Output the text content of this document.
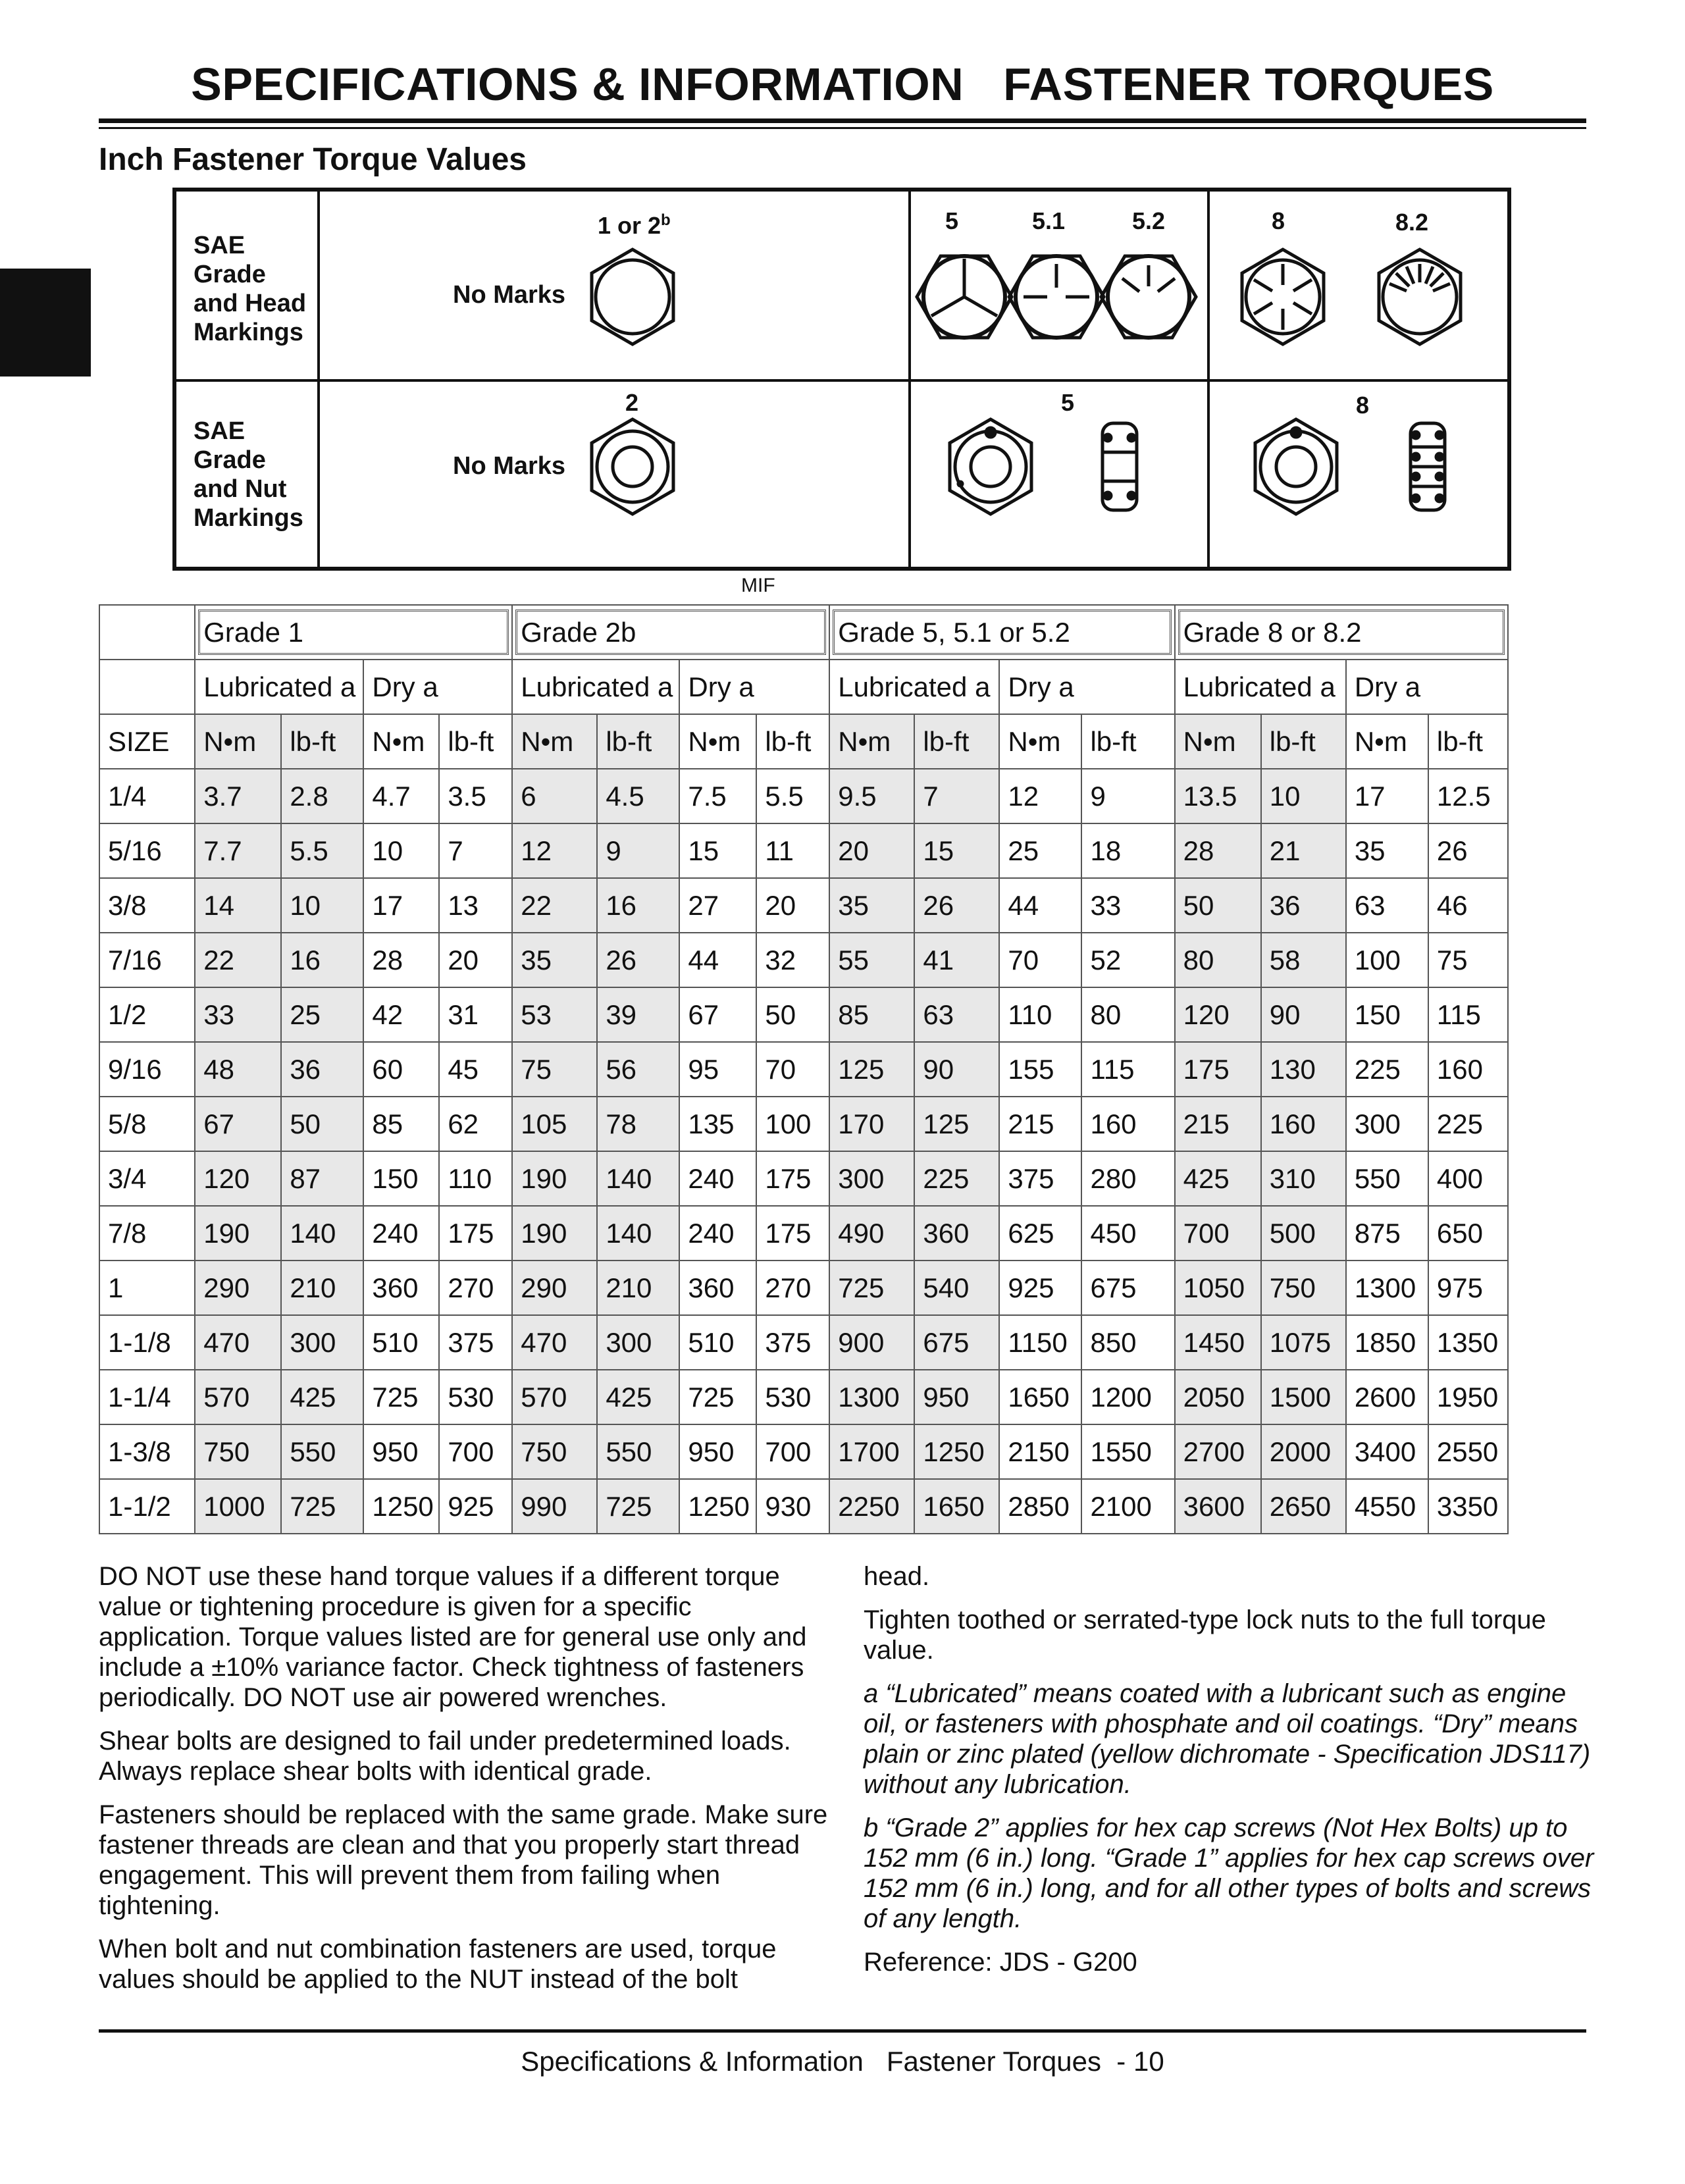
SPECIFICATIONS & INFORMATION   FASTENER TORQUES
Inch Fastener Torque Values
SAE
Grade
and Head
Markings
SAE
Grade
and Nut
Markings
No Marks
No Marks
1 or 2$^b$	5	5.1	5.2	8	8.2
2	5	8
MIF

Grade 1				Grade 2b				Grade 5, 5.1 or 5.2				Grade 8 or 8.2			
	Lubricated a		Dry a		Lubricated a		Dry a		Lubricated a		Dry a		Lubricated a		Dry a	
SIZE	N•m	lb-ft	N•m	lb-ft	N•m	lb-ft	N•m	lb-ft	N•m	lb-ft	N•m	lb-ft	N•m	lb-ft	N•m	lb-ft
1/4	3.7	2.8	4.7	3.5	6	4.5	7.5	5.5	9.5	7	12	9	13.5	10	17	12.5
5/16	7.7	5.5	10	7	12	9	15	11	20	15	25	18	28	21	35	26
3/8	14	10	17	13	22	16	27	20	35	26	44	33	50	36	63	46
7/16	22	16	28	20	35	26	44	32	55	41	70	52	80	58	100	75
1/2	33	25	42	31	53	39	67	50	85	63	110	80	120	90	150	115
9/16	48	36	60	45	75	56	95	70	125	90	155	115	175	130	225	160
5/8	67	50	85	62	105	78	135	100	170	125	215	160	215	160	300	225
3/4	120	87	150	110	190	140	240	175	300	225	375	280	425	310	550	400
7/8	190	140	240	175	190	140	240	175	490	360	625	450	700	500	875	650
1	290	210	360	270	290	210	360	270	725	540	925	675	1050	750	1300	975
1-1/8	470	300	510	375	470	300	510	375	900	675	1150	850	1450	1075	1850	1350
1-1/4	570	425	725	530	570	425	725	530	1300	950	1650	1200	2050	1500	2600	1950
1-3/8	750	550	950	700	750	550	950	700	1700	1250	2150	1550	2700	2000	3400	2550
1-1/2	1000	725	1250	925	990	725	1250	930	2250	1650	2850	2100	3600	2650	4550	3350

DO NOT use these hand torque values if a different torque value or tightening procedure is given for a specific application. Torque values listed are for general use only and include a ±10% variance factor. Check tightness of fasteners periodically. DO NOT use air powered wrenches.

Shear bolts are designed to fail under predetermined loads. Always replace shear bolts with identical grade.

Fasteners should be replaced with the same grade. Make sure fastener threads are clean and that you properly start thread engagement. This will prevent them from failing when tightening.

When bolt and nut combination fasteners are used, torque values should be applied to the NUT instead of the bolt

head.

Tighten toothed or serrated-type lock nuts to the full torque value.

a “Lubricated” means coated with a lubricant such as engine oil, or fasteners with phosphate and oil coatings. “Dry” means plain or zinc plated (yellow dichromate - Specification JDS117) without any lubrication.

b “Grade 2” applies for hex cap screws (Not Hex Bolts) up to 152 mm (6 in.) long. “Grade 1” applies for hex cap screws over 152 mm (6 in.) long, and for all other types of bolts and screws of any length.

Reference: JDS - G200

Specifications & Information   Fastener Torques  - 10
